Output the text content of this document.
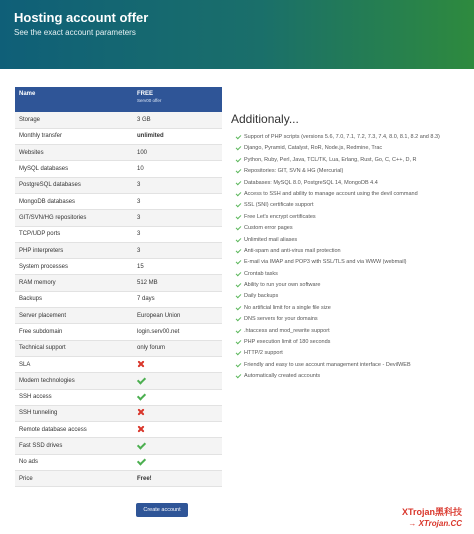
Hosting account offer
See the exact account parameters
Name	FREE
Serv00 offer

Storage	3 GB
Monthly transfer	unlimited
Websites	100
MySQL databases	10
PostgreSQL databases	3
MongoDB databases	3
GIT/SVN/HG repositories	3
TCP/UDP ports	3
PHP interpreters	3
System processes	15
RAM memory	512 MB
Backups	7 days
Server placement	European Union
Free subdomain	login.serv00.net
Technical support	only forum
SLA	
Modern technologies	
SSH access	
SSH tunneling	
Remote database access	
Fast SSD drives	
No ads	
Price	Free!
Create account
Additionaly...
Support of PHP scripts (versions 5.6, 7.0, 7.1, 7.2, 7.3, 7.4, 8.0, 8.1, 8.2 and 8.3)
Django, Pyramid, Catalyst, RoR, Node.js, Redmine, Trac
Python, Ruby, Perl, Java, TCL/TK, Lua, Erlang, Rust, Go, C, C++, D, R
Repositories: GIT, SVN & HG (Mercurial)
Databases: MySQL 8.0, PostgreSQL 14, MongoDB 4.4
Access to SSH and ability to manage account using the devil command
SSL (SNI) certificate support
Free Let's encrypt certificates
Custom error pages
Unlimited mail aliases
Anti-spam and anti-virus mail protection
E-mail via IMAP and POP3 with SSL/TLS and via WWW (webmail)
Crontab tasks
Ability to run your own software
Daily backups
No artificial limit for a single file size
DNS servers for your domains
.htaccess and mod_rewrite support
PHP execution limit of 180 seconds
HTTP/2 support
Friendly and easy to use account management interface - DevilWEB
Automatically created accounts
XTrojan黑科技
→ XTrojan.CC
